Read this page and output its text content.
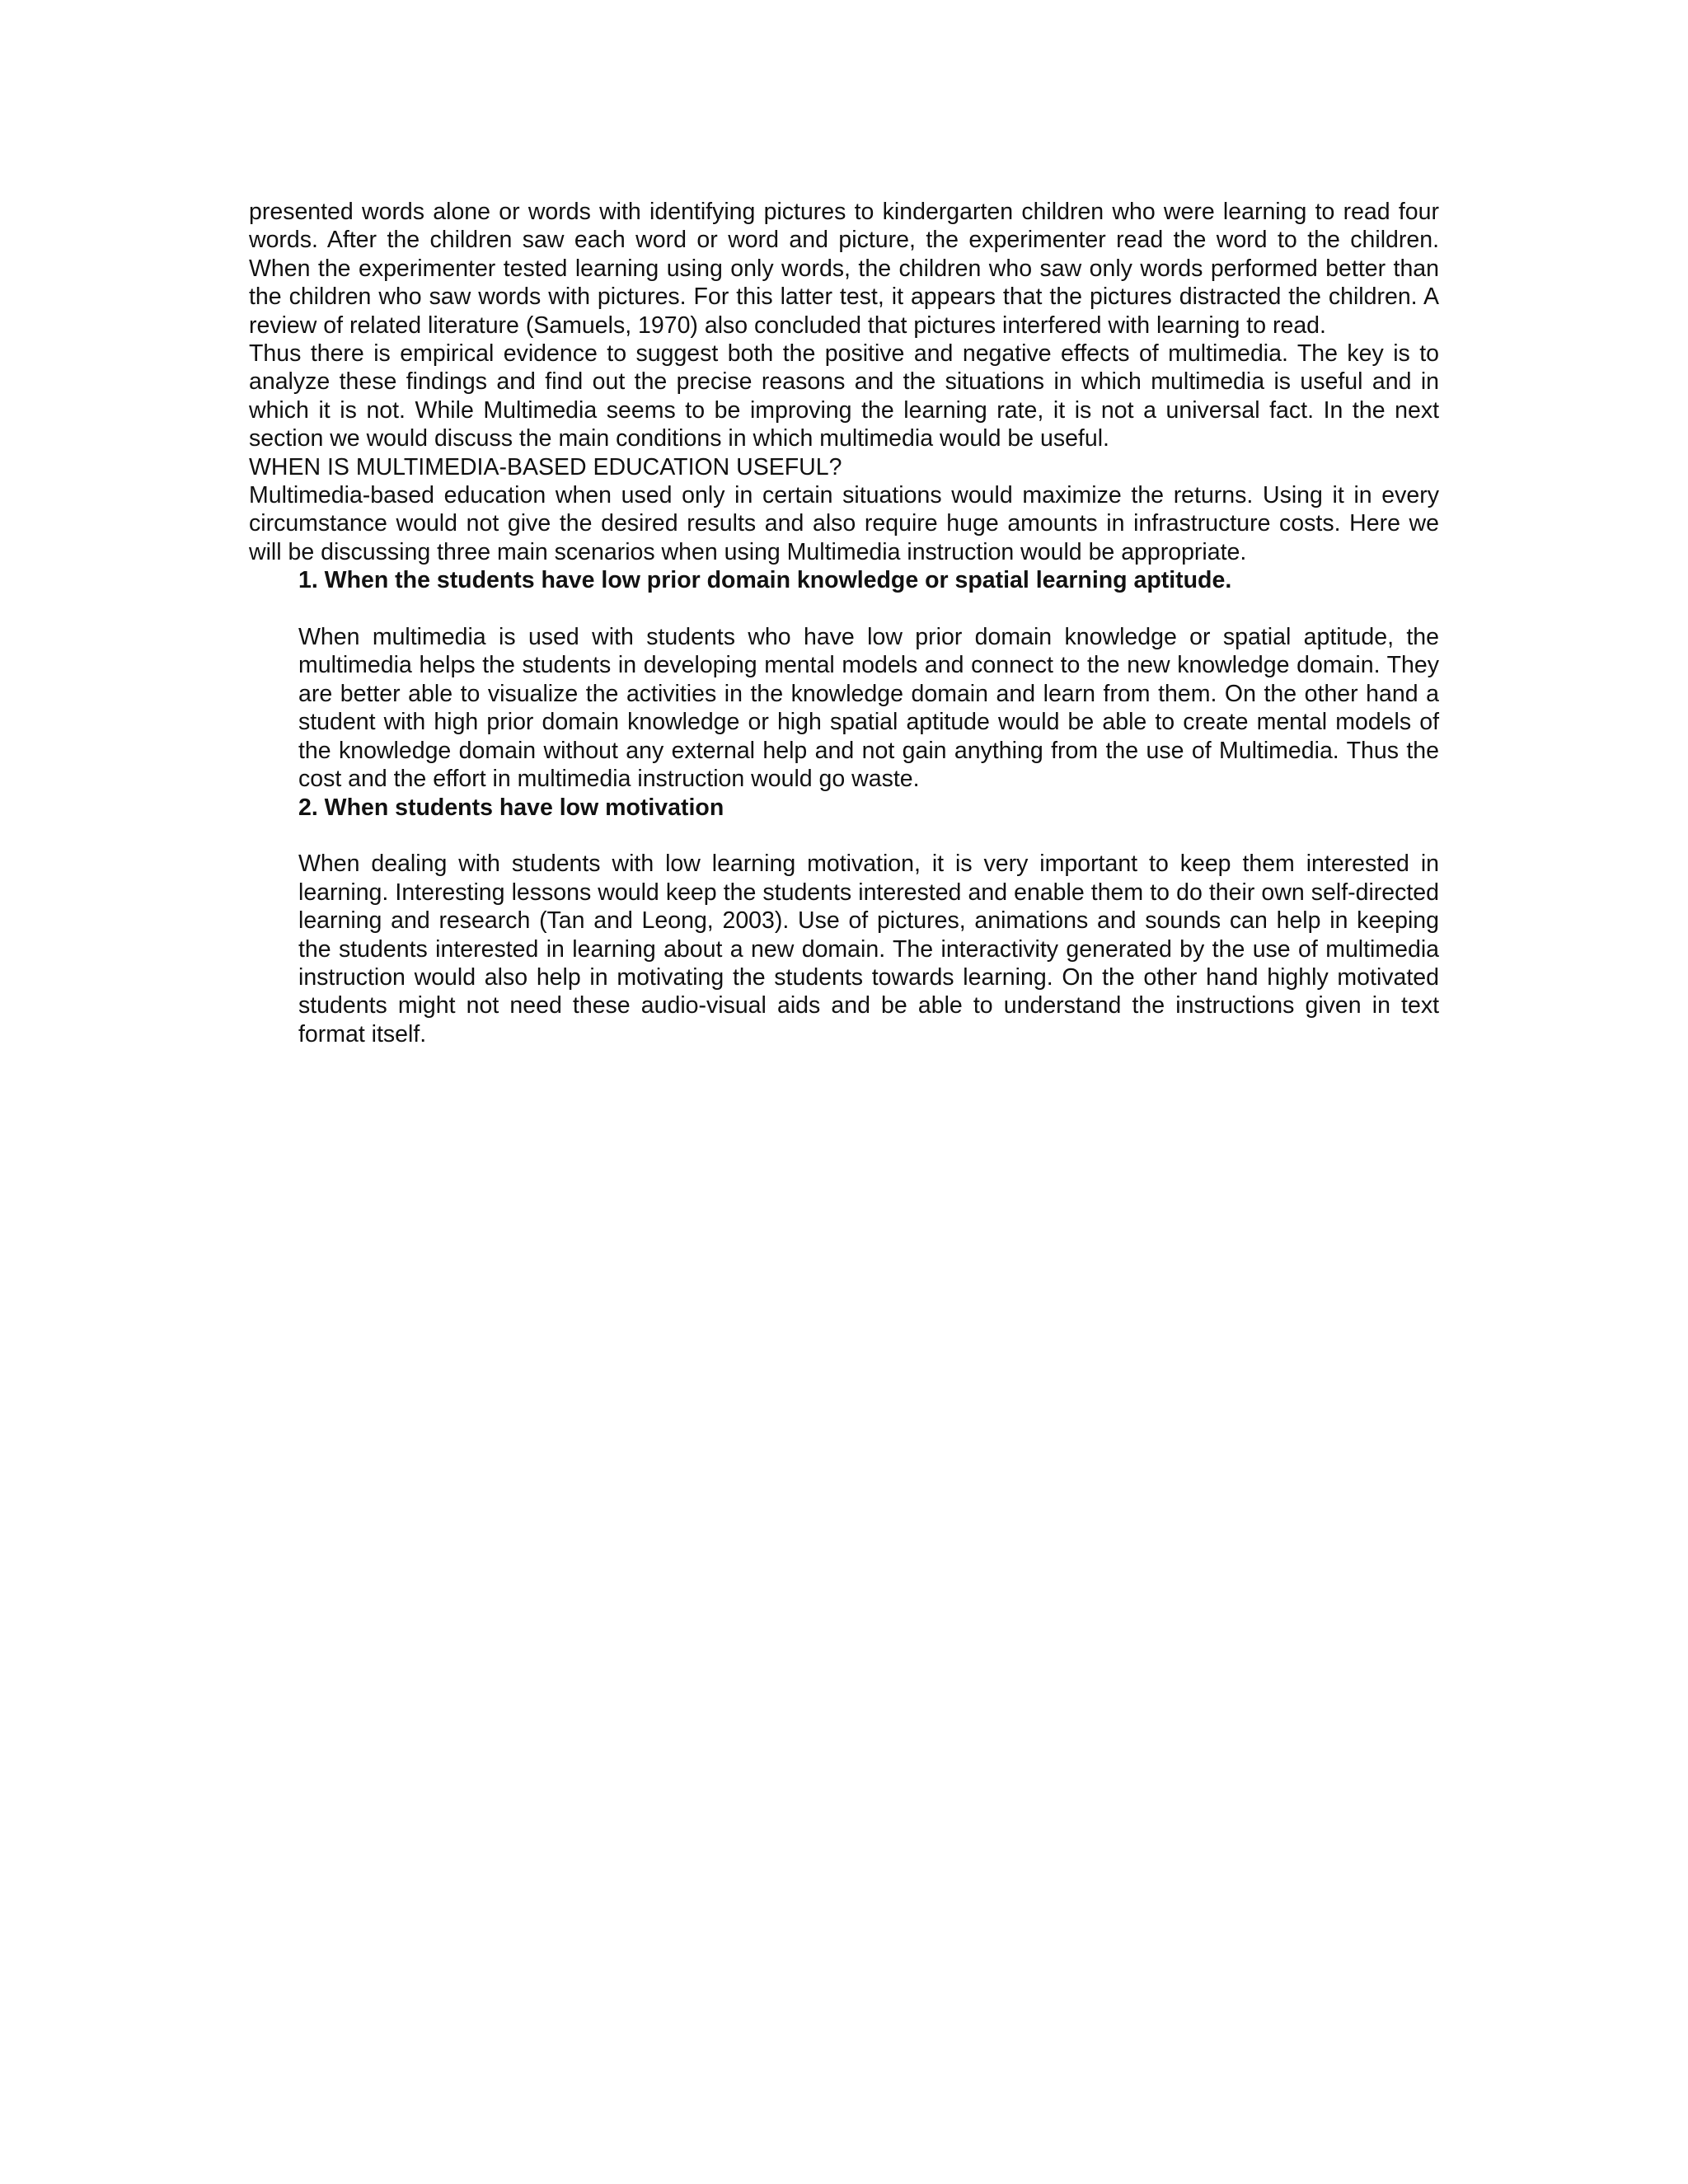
presented words alone or words with identifying pictures to kindergarten children who were learning to read four words. After the children saw each word or word and picture, the experimenter read the word to the children. When the experimenter tested learning using only words, the children who saw only words performed better than the children who saw words with pictures. For this latter test, it appears that the pictures distracted the children. A review of related literature (Samuels, 1970) also concluded that pictures interfered with learning to read.

Thus there is empirical evidence to suggest both the positive and negative effects of multimedia. The key is to analyze these findings and find out the precise reasons and the situations in which multimedia is useful and in which it is not. While Multimedia seems to be improving the learning rate, it is not a universal fact. In the next section we would discuss the main conditions in which multimedia would be useful.

WHEN IS MULTIMEDIA-BASED EDUCATION USEFUL?

Multimedia-based education when used only in certain situations would maximize the returns. Using it in every circumstance would not give the desired results and also require huge amounts in infrastructure costs. Here we will be discussing three main scenarios when using Multimedia instruction would be appropriate.

1. When the students have low prior domain knowledge or spatial learning aptitude.

When multimedia is used with students who have low prior domain knowledge or spatial aptitude, the multimedia helps the students in developing mental models and connect to the new knowledge domain. They are better able to visualize the activities in the knowledge domain and learn from them. On the other hand a student with high prior domain knowledge or high spatial aptitude would be able to create mental models of the knowledge domain without any external help and not gain anything from the use of Multimedia. Thus the cost and the effort in multimedia instruction would go waste.

2. When students have low motivation

When dealing with students with low learning motivation, it is very important to keep them interested in learning. Interesting lessons would keep the students interested and enable them to do their own self-directed learning and research (Tan and Leong, 2003). Use of pictures, animations and sounds can help in keeping the students interested in learning about a new domain. The interactivity generated by the use of multimedia instruction would also help in motivating the students towards learning. On the other hand highly motivated students might not need these audio-visual aids and be able to understand the instructions given in text format itself.
